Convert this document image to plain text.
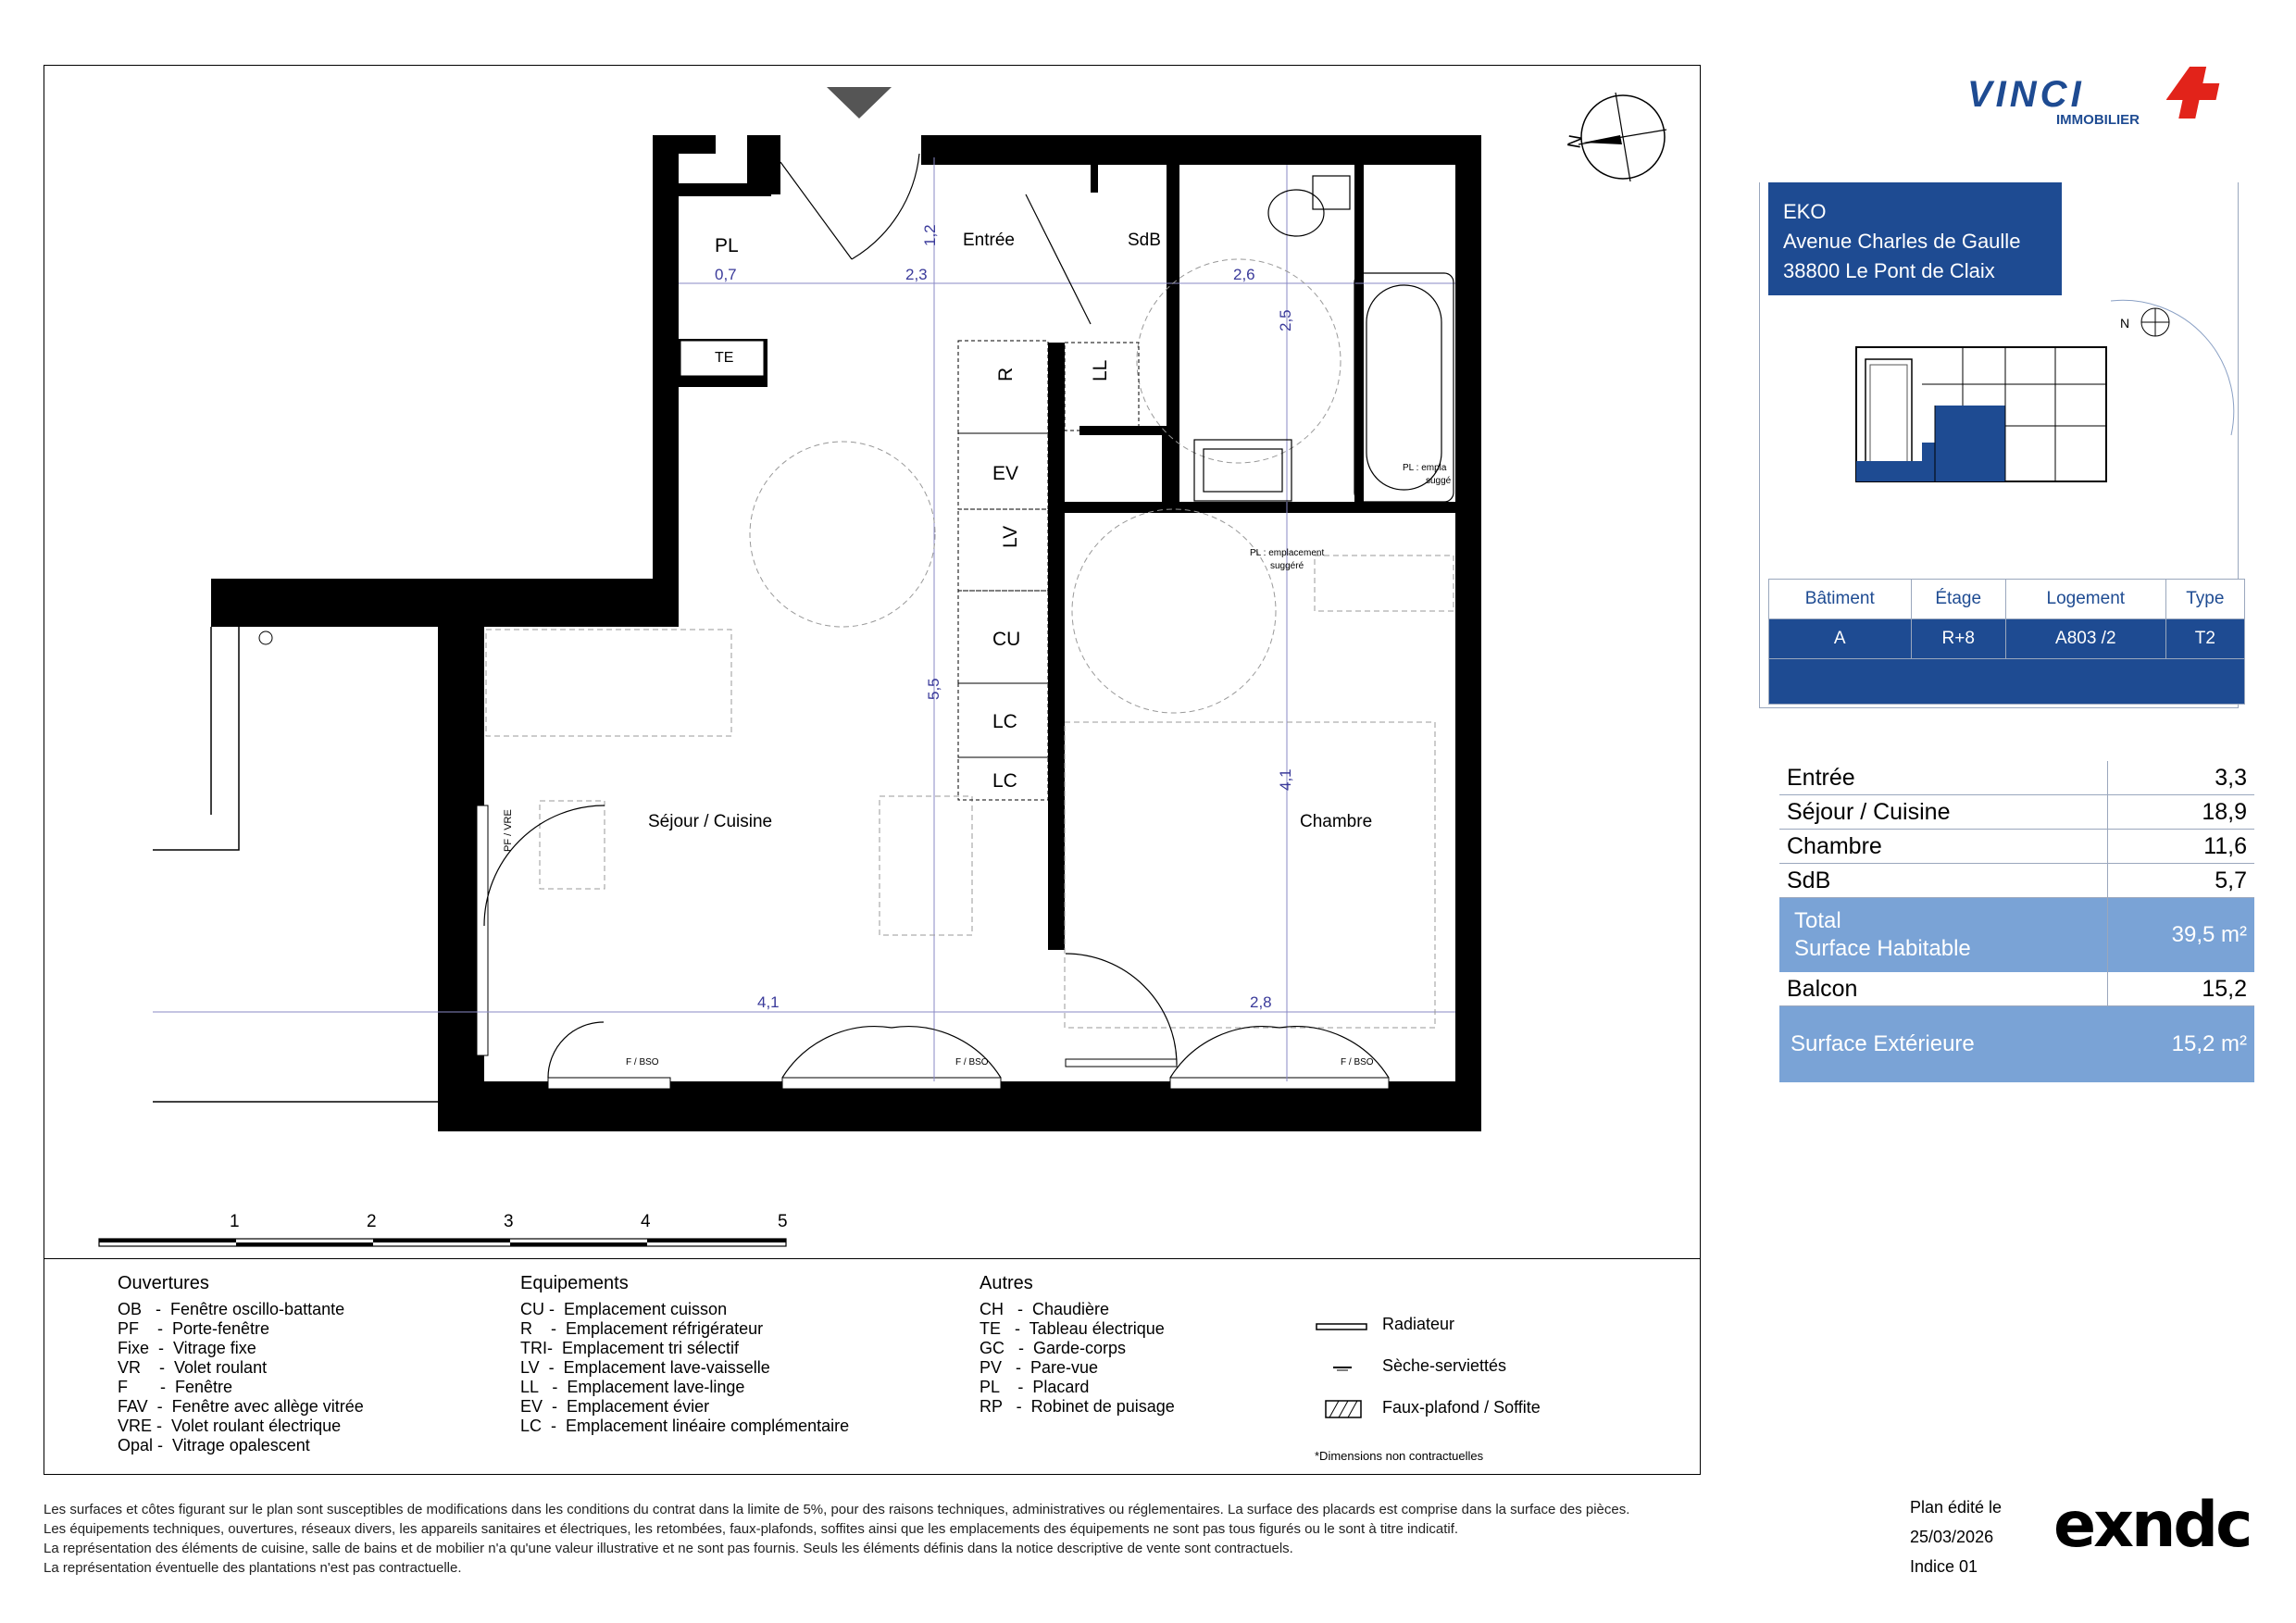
N
PL	Entrée	SdB
Séjour / Cuisine	Chambre
TE
R	LL
EV
LV
CU
LC
LC
0,7	2,3
1,2
2,6
2,5
5,5
4,1
4,1	2,8
PL : emplacement
suggéré
PL : empla
suggé
Seuil 15cm	PF / VRE
F / BSO	F / BSO	F / BSO
All. 102cm	All. 102cm	All. 102cm
1	2	3	4	5
VINCI
IMMOBILIER
EKO
Avenue Charles de Gaulle
38800 Le Pont de Claix
N
Bâtiment	Étage	Logement	Type
A	R+8	A803 /2	T2

Entrée	3,3
Séjour / Cuisine	18,9
Chambre	11,6
SdB	5,7

Total
Surface Habitable	39,5 m²
Balcon	15,2
Surface Extérieure	15,2 m²
Ouvertures
OB   -  Fenêtre oscillo-battante
PF    -  Porte-fenêtre
Fixe  -  Vitrage fixe
VR    -  Volet roulant
F       -  Fenêtre
FAV  -  Fenêtre avec allège vitrée
VRE -  Volet roulant électrique
Opal -  Vitrage opalescent
Equipements
CU -  Emplacement cuisson
R    -  Emplacement réfrigérateur
TRI-  Emplacement tri sélectif
LV  -  Emplacement lave-vaisselle
LL   -  Emplacement lave-linge
EV  -  Emplacement évier
LC  -  Emplacement linéaire complémentaire
Autres
CH   -  Chaudière
TE   -  Tableau électrique
GC   -  Garde-corps
PV   -  Pare-vue
PL    -  Placard
RP   -  Robinet de puisage
Radiateur
Sèche-serviettés
Faux-plafond / Soffite
*Dimensions non contractuelles
Les surfaces et côtes figurant sur le plan sont susceptibles de modifications dans les conditions du contrat dans la limite de 5%, pour des raisons techniques, administratives ou réglementaires. La surface des placards est comprise dans la surface des pièces.
Les équipements techniques, ouvertures, réseaux divers, les appareils sanitaires et électriques, les retombées, faux-plafonds, soffites ainsi que les emplacements des équipements ne sont pas tous figurés ou le sont à titre indicatif.
La représentation des éléments de cuisine, salle de bains et de mobilier n'a qu'une valeur illustrative et ne sont pas fournis. Seuls les éléments définis dans la notice descriptive de vente sont contractuels.
La représentation éventuelle des plantations n'est pas contractuelle.
Plan édité le
25/03/2026
Indice 01
exndc
